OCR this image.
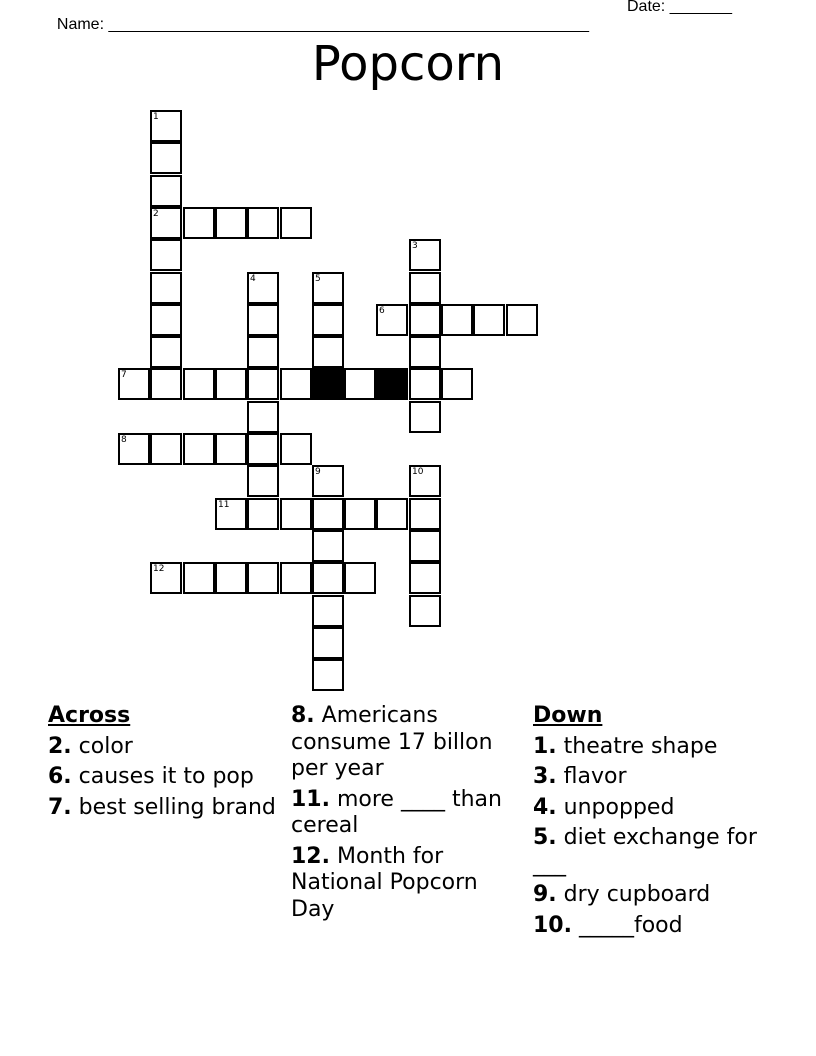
Name: ______________________________________________________

Date: _______

Popcorn
1
2
3
4	5
6
7
8
9	10
11
12
Across
2. color
6. causes it to pop
7. best selling brand
8. Americans consume 17 billon per year
11. more ____ than cereal
12. Month for National Popcorn Day
Down
1. theatre shape
3. flavor
4. unpopped
5. diet exchange for ___
9. dry cupboard
10. _____food
